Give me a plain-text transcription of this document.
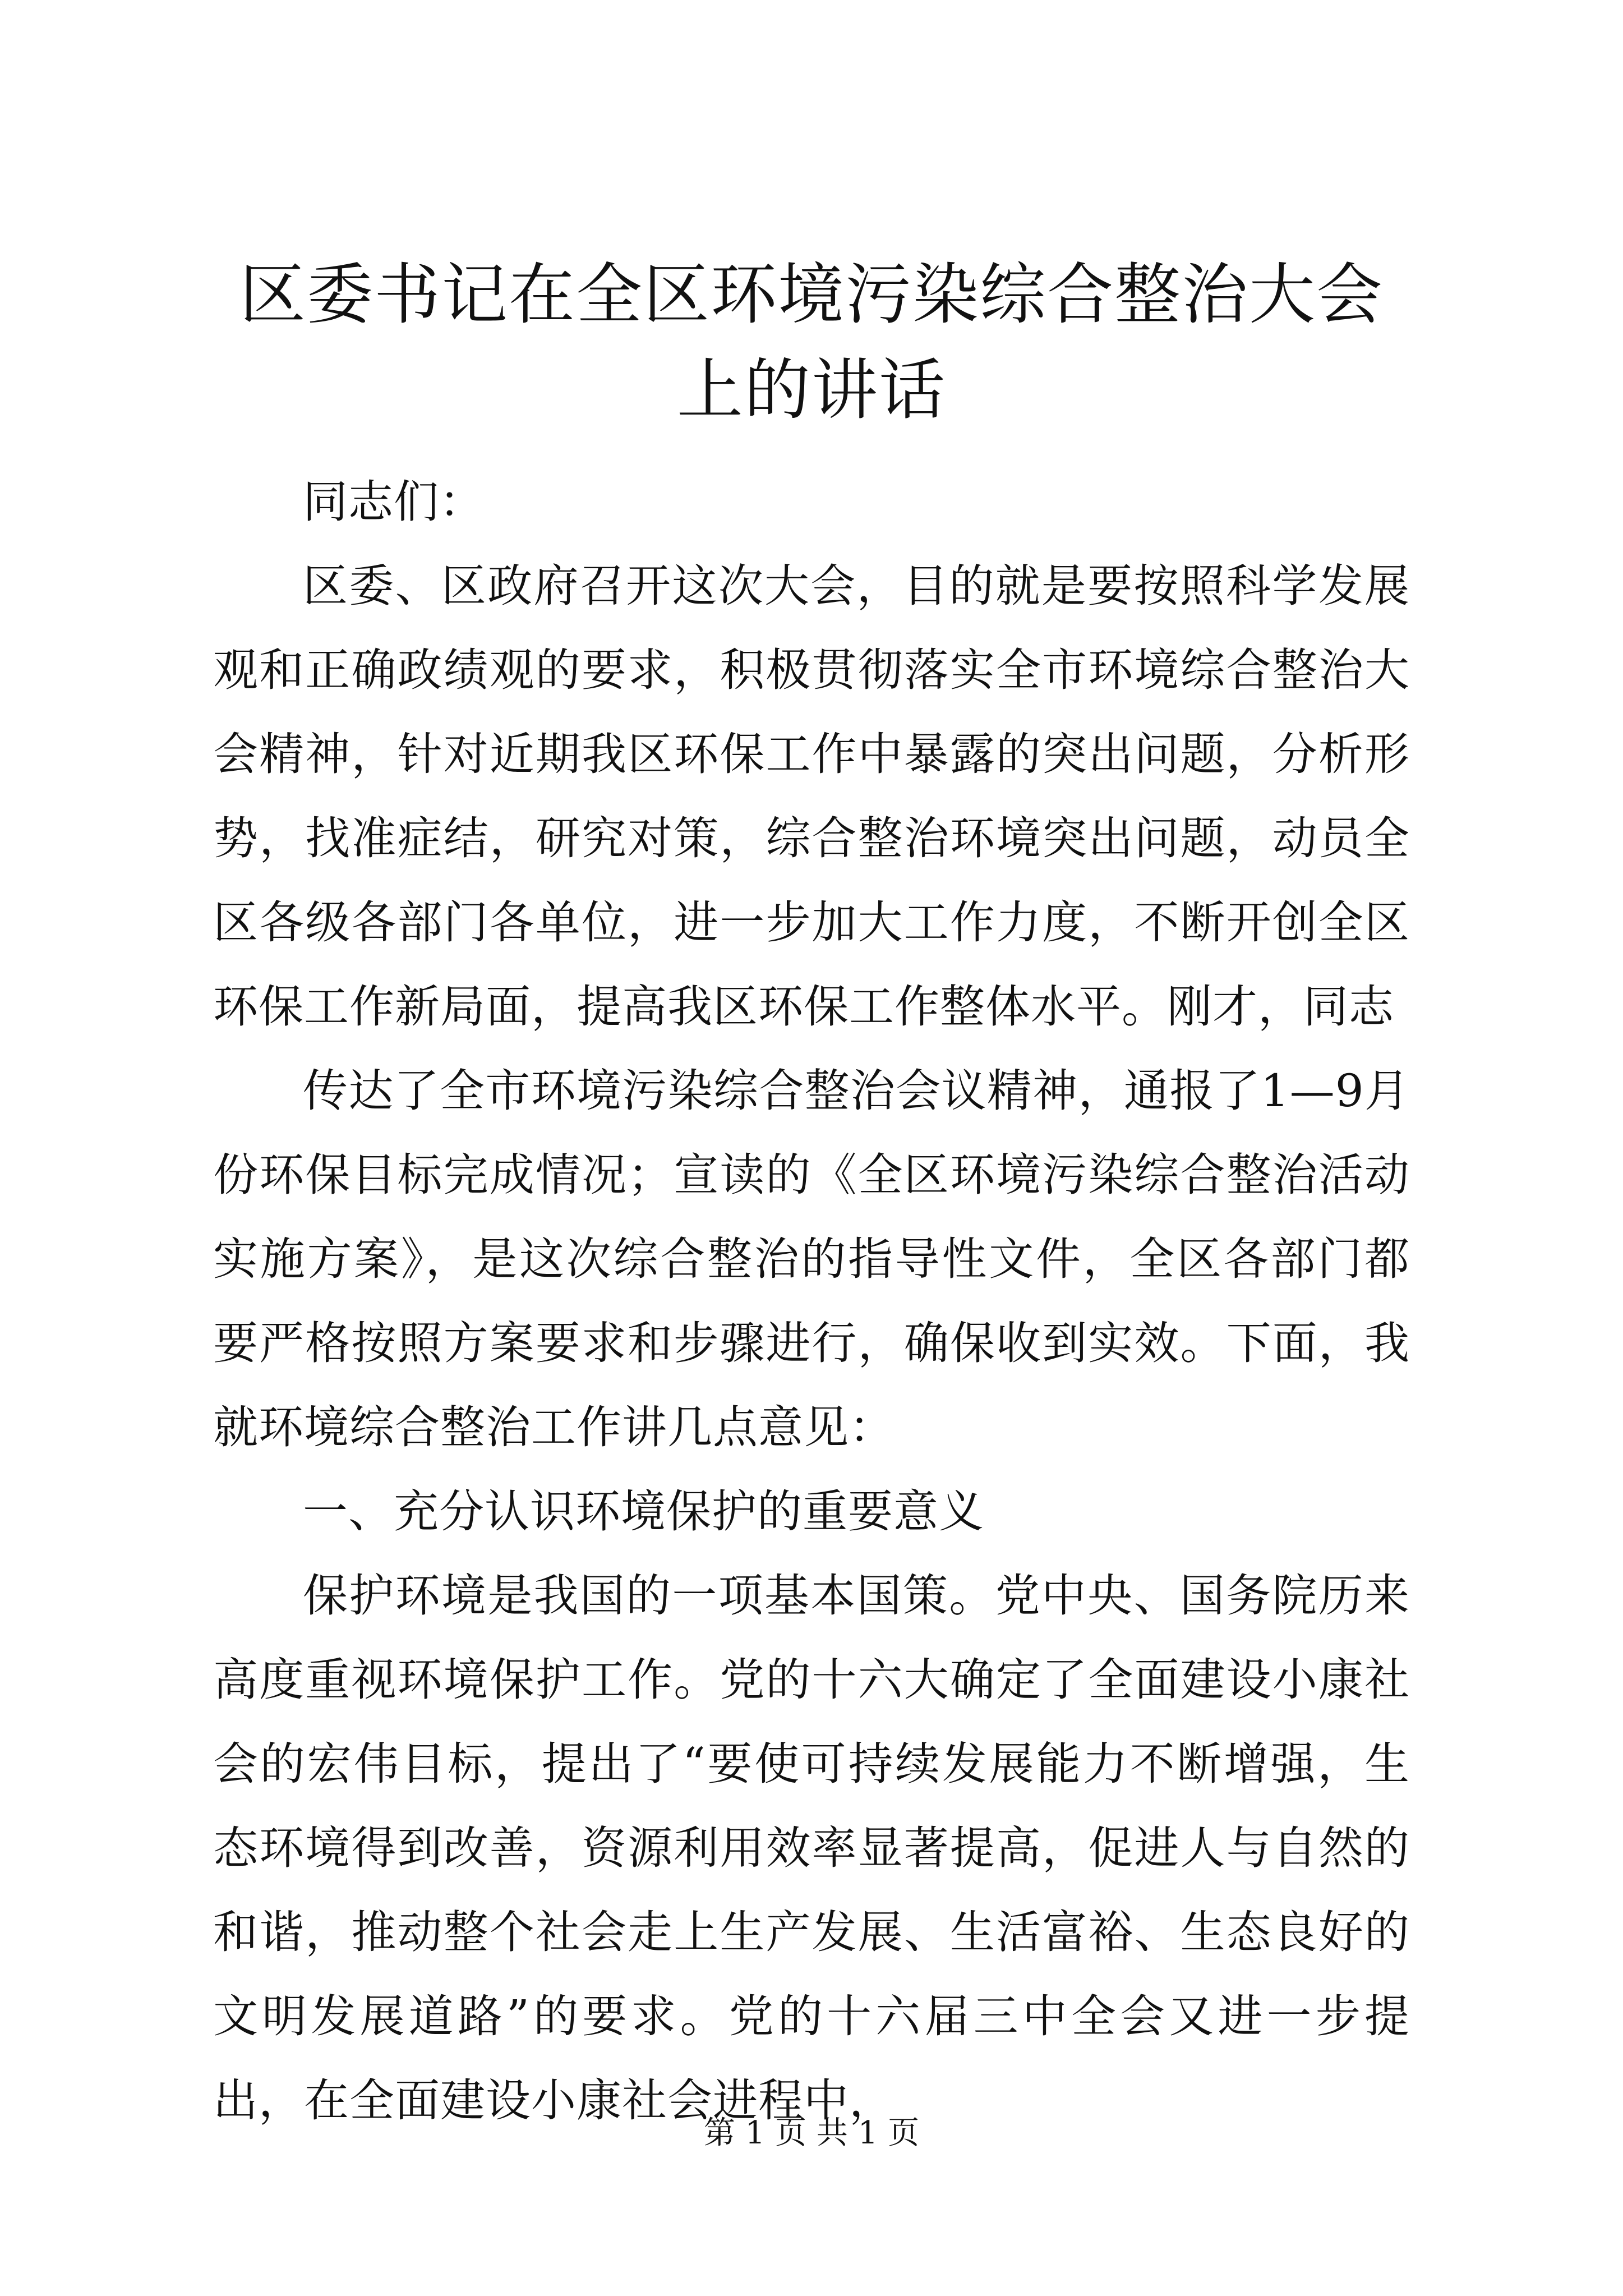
区委书记在全区环境污染综合整治大会上的讲话

同志们：

区委、区政府召开这次大会，目的就是要按照科学发展观和正确政绩观的要求，积极贯彻落实全市环境综合整治大会精神，针对近期我区环保工作中暴露的突出问题，分析形势，找准症结，研究对策，综合整治环境突出问题，动员全区各级各部门各单位，进一步加大工作力度，不断开创全区环保工作新局面，提高我区环保工作整体水平。刚才，同志

传达了全市环境污染综合整治会议精神，通报了1—9月份环保目标完成情况；宣读的《全区环境污染综合整治活动实施方案》，是这次综合整治的指导性文件，全区各部门都要严格按照方案要求和步骤进行，确保收到实效。下面，我就环境综合整治工作讲几点意见：

一、充分认识环境保护的重要意义

保护环境是我国的一项基本国策。党中央、国务院历来高度重视环境保护工作。党的十六大确定了全面建设小康社会的宏伟目标，提出了“要使可持续发展能力不断增强，生态环境得到改善，资源利用效率显著提高，促进人与自然的和谐，推动整个社会走上生产发展、生活富裕、生态良好的文明发展道路”的要求。党的十六届三中全会又进一步提出，在全面建设小康社会进程中，

第 1 页 共 1 页
